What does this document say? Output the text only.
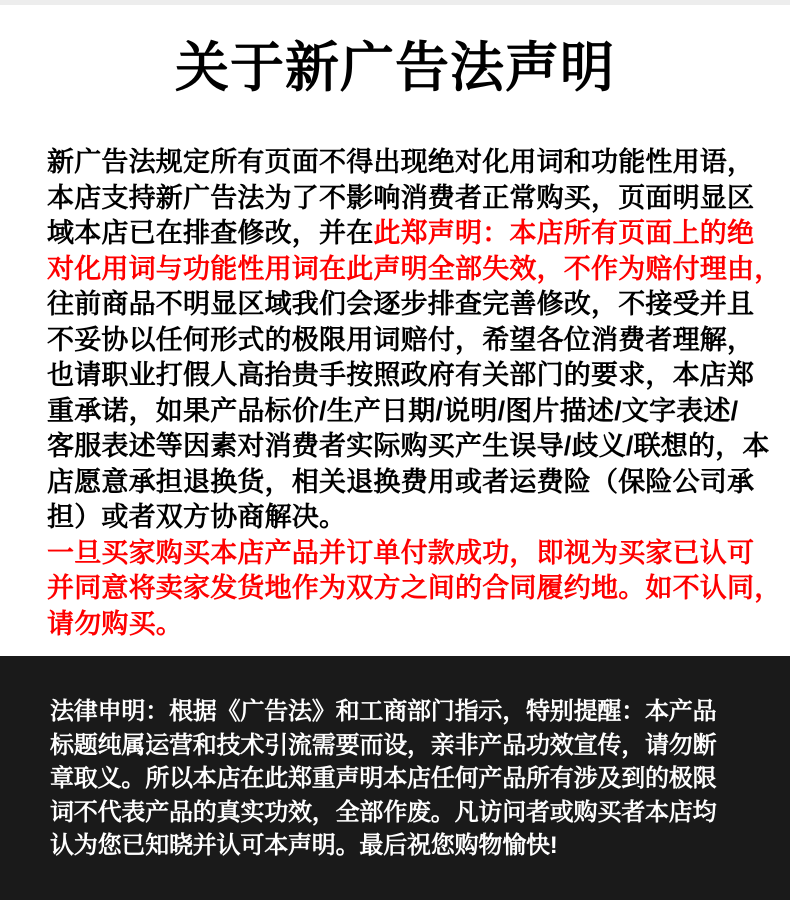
关于新广告法声明
新广告法规定所有页面不得出现绝对化用词和功能性用语，
本店支持新广告法为了不影响消费者正常购买，页面明显区
域本店已在排查修改，并在此郑声明：本店所有页面上的绝
对化用词与功能性用词在此声明全部失效，不作为赔付理由，
往前商品不明显区域我们会逐步排查完善修改，不接受并且
不妥协以任何形式的极限用词赔付，希望各位消费者理解，
也请职业打假人高抬贵手按照政府有关部门的要求，本店郑
重承诺，如果产品标价/生产日期/说明/图片描述/文字表述/
客服表述等因素对消费者实际购买产生误导/歧义/联想的，本
店愿意承担退换货，相关退换费用或者运费险（保险公司承
担）或者双方协商解决。
一旦买家购买本店产品并订单付款成功，即视为买家已认可
并同意将卖家发货地作为双方之间的合同履约地。如不认同，
请勿购买。
法律申明：根据《广告法》和工商部门指示，特别提醒：本产品
标题纯属运营和技术引流需要而设，亲非产品功效宣传，请勿断
章取义。所以本店在此郑重声明本店任何产品所有涉及到的极限
词不代表产品的真实功效，全部作废。凡访问者或购买者本店均
认为您已知晓并认可本声明。最后祝您购物愉快!
